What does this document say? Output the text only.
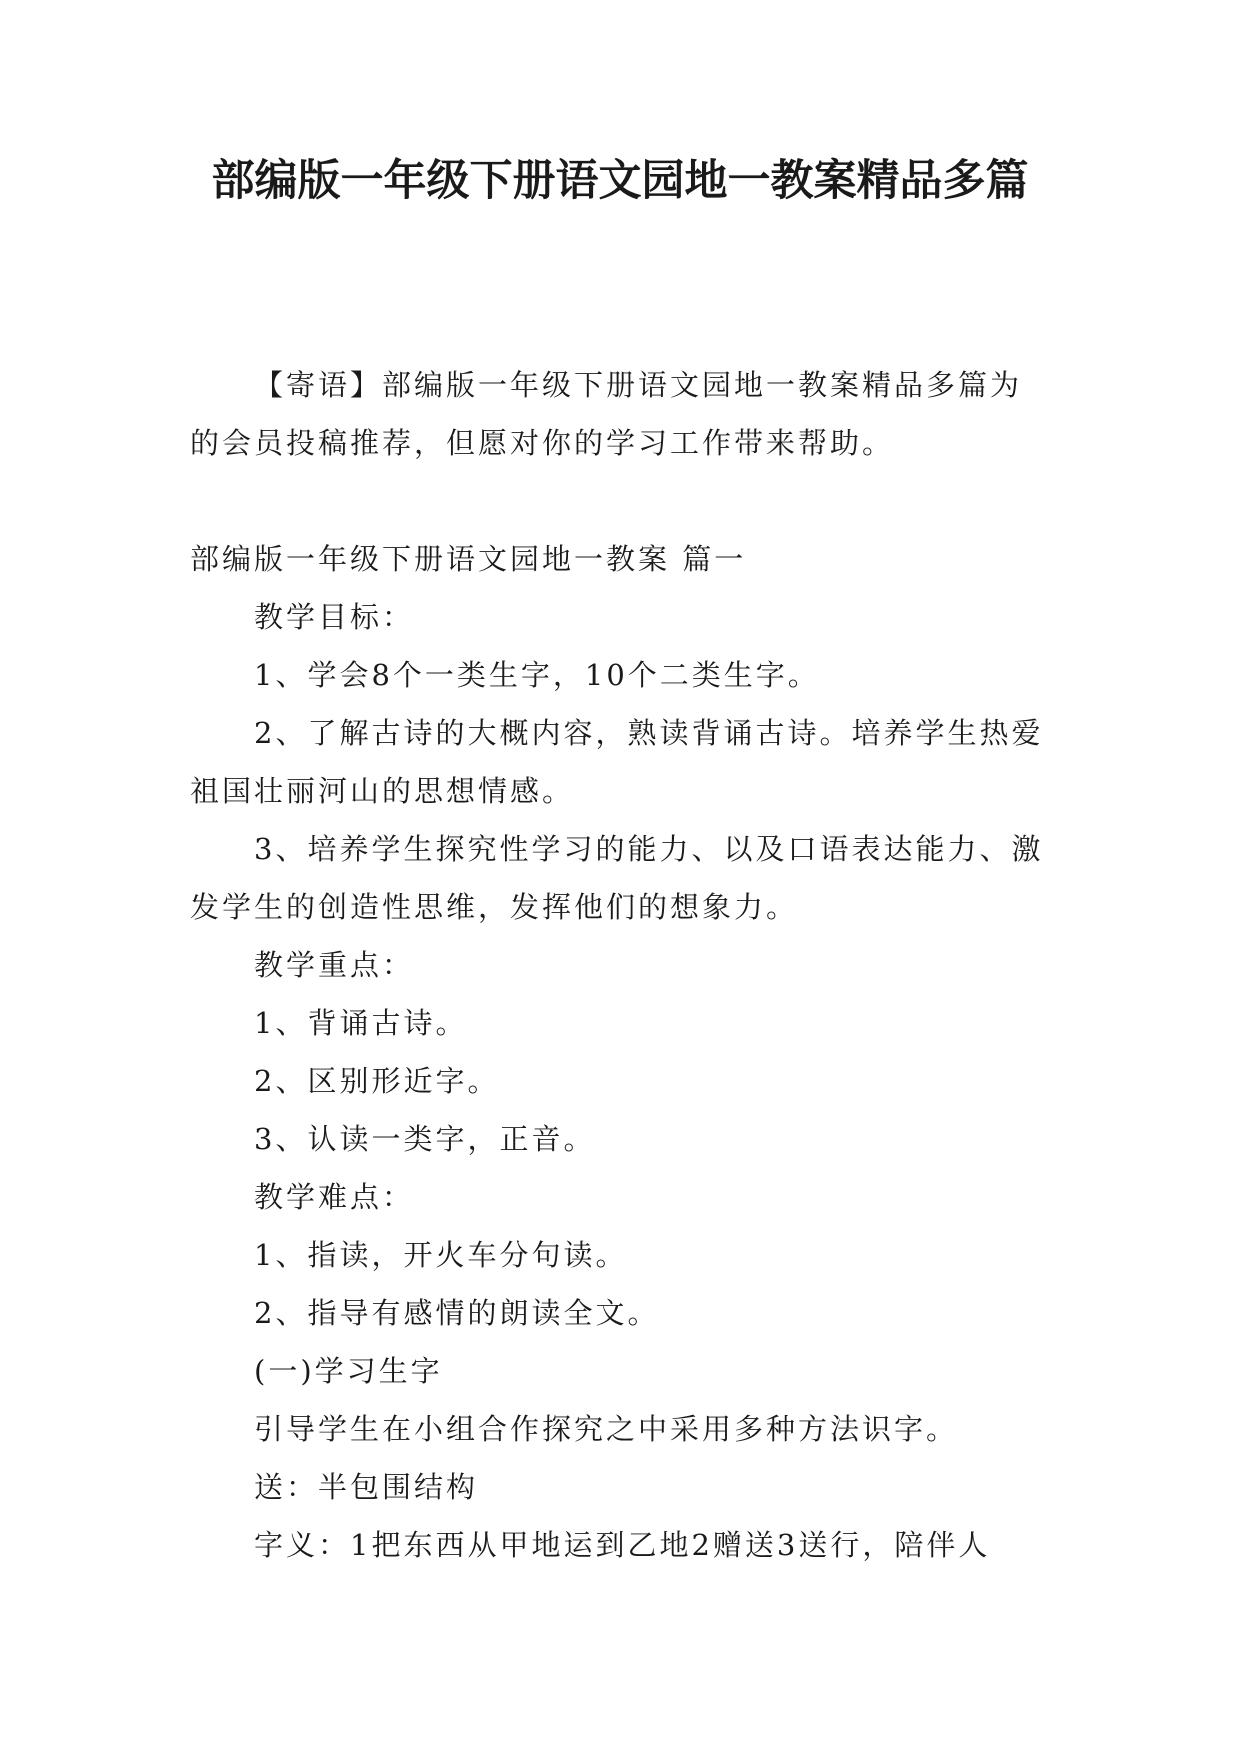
部编版一年级下册语文园地一教案精品多篇

【寄语】部编版一年级下册语文园地一教案精品多篇为的会员投稿推荐，但愿对你的学习工作带来帮助。

部编版一年级下册语文园地一教案 篇一

教学目标：

1、学会8个一类生字，10个二类生字。

2、了解古诗的大概内容，熟读背诵古诗。培养学生热爱祖国壮丽河山的思想情感。

3、培养学生探究性学习的能力、以及口语表达能力、激发学生的创造性思维，发挥他们的想象力。

教学重点：

1、背诵古诗。

2、区别形近字。

3、认读一类字，正音。

教学难点：

1、指读，开火车分句读。

2、指导有感情的朗读全文。

(一)学习生字

引导学生在小组合作探究之中采用多种方法识字。

送：半包围结构

字义：1把东西从甲地运到乙地2赠送3送行，陪伴人
